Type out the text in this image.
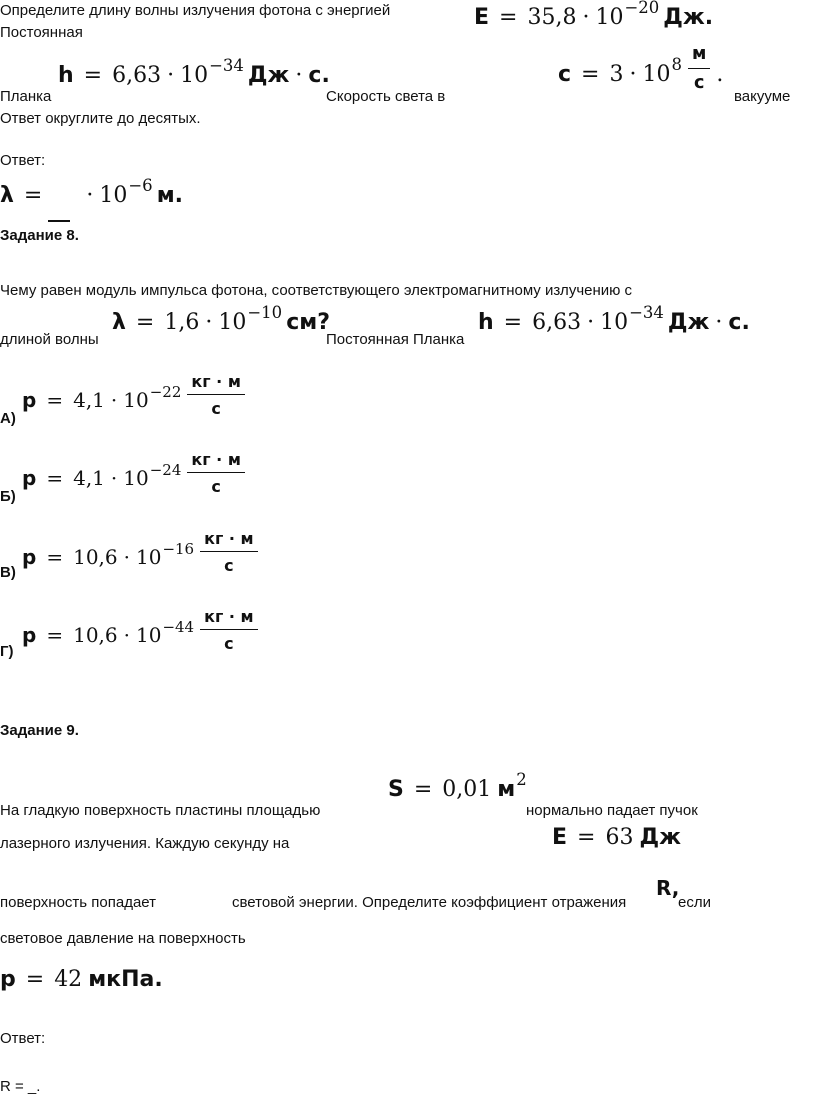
Определите длину волны излучения фотона с энергией
Постоянная
$E = 35,8 \cdot 10^{-20}$ Дж.
Планка
$h = 6,63 \cdot 10^{-34}$ Дж · с.
Скорость света в
$c = 3 \cdot 10^8 \frac{м}{с}$ .
вакууме
Ответ округлите до десятых.
Ответ:
λ = · $10^{-6}$ м.
Задание 8.
Чему равен модуль импульса фотона, соответствующего электромагнитному излучению с
длиной волны
$\lambda = 1,6 \cdot 10^{-10}$ см?
Постоянная Планка
$h = 6,63 \cdot 10^{-34}$ Дж · с.
$p = 4,1 \cdot 10^{-22} \frac{кг \cdot м}{с}$
А)
$p = 4,1 \cdot 10^{-24} \frac{кг \cdot м}{с}$
Б)
$p = 10,6 \cdot 10^{-16} \frac{кг \cdot м}{с}$
В)
$p = 10,6 \cdot 10^{-44} \frac{кг \cdot м}{с}$
Г)
Задание 9.
S = 0,01 $м^2$
На гладкую поверхность пластины площадью	нормально падает пучок
E = 63 Дж
лазерного излучения. Каждую секунду на
поверхность попадает	световой энергии. Определите коэффициент отражения
R,
если
световое давление на поверхность
p = 42 мкПа.
Ответ:
R = _.
